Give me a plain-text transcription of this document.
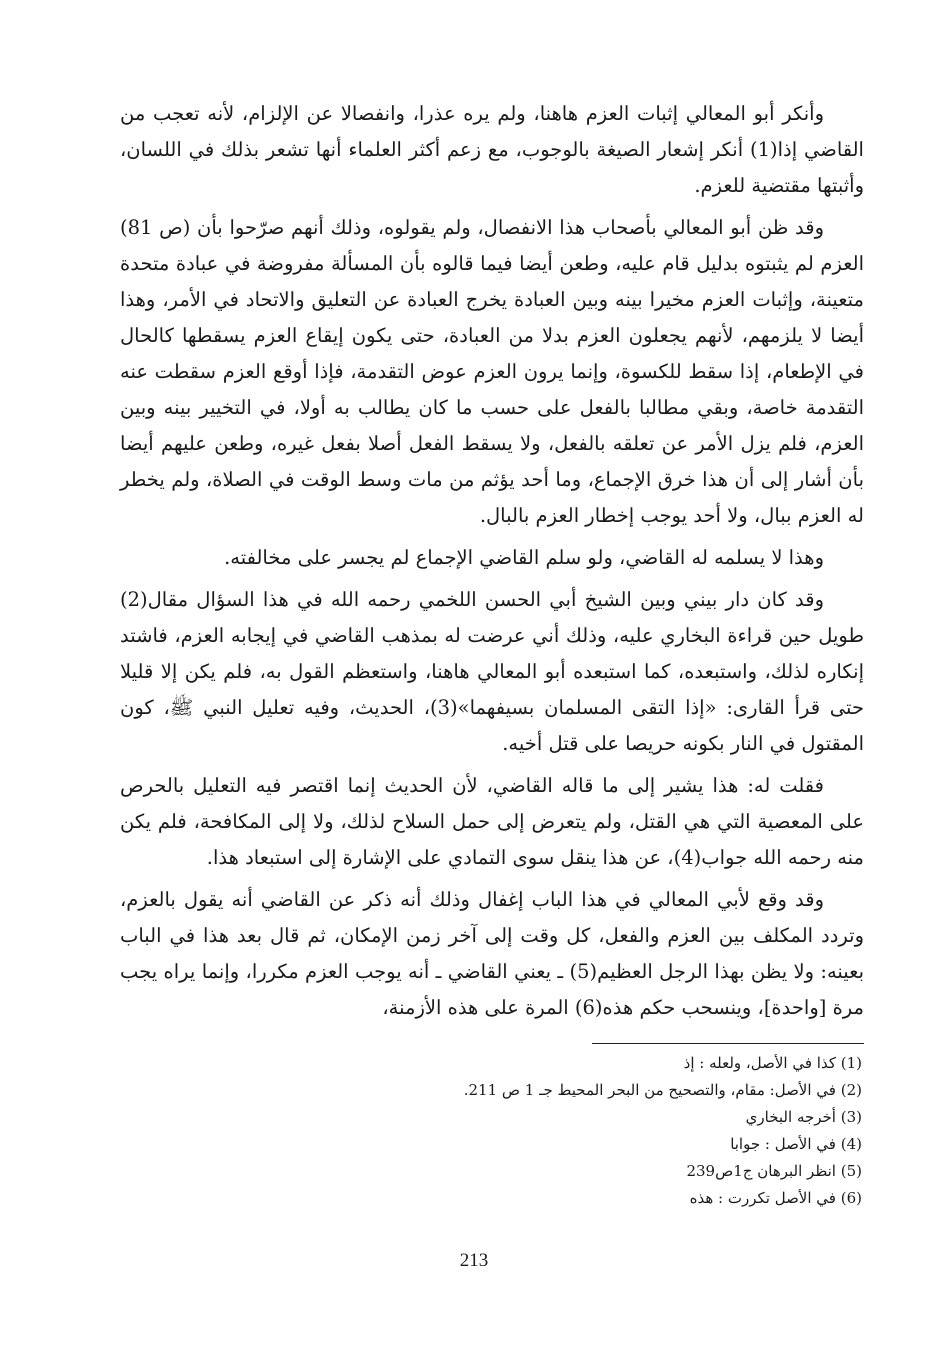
وأنكر أبو المعالي إثبات العزم هاهنا، ولم يره عذرا، وانفصالا عن الإلزام، لأنه تعجب من القاضي إذا(1) أنكر إشعار الصيغة بالوجوب، مع زعم أكثر العلماء أنها تشعر بذلك في اللسان، وأثبتها مقتضية للعزم.

وقد ظن أبو المعالي بأصحاب هذا الانفصال، ولم يقولوه، وذلك أنهم صرّحوا بأن (ص 81) العزم لم يثبتوه بدليل قام عليه، وطعن أيضا فيما قالوه بأن المسألة مفروضة في عبادة متحدة متعينة، وإثبات العزم مخيرا بينه وبين العبادة يخرج العبادة عن التعليق والاتحاد في الأمر، وهذا أيضا لا يلزمهم، لأنهم يجعلون العزم بدلا من العبادة، حتى يكون إيقاع العزم يسقطها كالحال في الإطعام، إذا سقط للكسوة، وإنما يرون العزم عوض التقدمة، فإذا أوقع العزم سقطت عنه التقدمة خاصة، وبقي مطالبا بالفعل على حسب ما كان يطالب به أولا، في التخيير بينه وبين العزم، فلم يزل الأمر عن تعلقه بالفعل، ولا يسقط الفعل أصلا بفعل غيره، وطعن عليهم أيضا بأن أشار إلى أن هذا خرق الإجماع، وما أحد يؤثم من مات وسط الوقت في الصلاة، ولم يخطر له العزم ببال، ولا أحد يوجب إخطار العزم بالبال.

وهذا لا يسلمه له القاضي، ولو سلم القاضي الإجماع لم يجسر على مخالفته.

وقد كان دار بيني وبين الشيخ أبي الحسن اللخمي رحمه الله في هذا السؤال مقال(2) طويل حين قراءة البخاري عليه، وذلك أني عرضت له بمذهب القاضي في إيجابه العزم، فاشتد إنكاره لذلك، واستبعده، كما استبعده أبو المعالي هاهنا، واستعظم القول به، فلم يكن إلا قليلا حتى قرأ القارى: «إذا التقى المسلمان بسيفهما»(3)، الحديث، وفيه تعليل النبي ﷺ، كون المقتول في النار بكونه حريصا على قتل أخيه.

فقلت له: هذا يشير إلى ما قاله القاضي، لأن الحديث إنما اقتصر فيه التعليل بالحرص على المعصية التي هي القتل، ولم يتعرض إلى حمل السلاح لذلك، ولا إلى المكافحة، فلم يكن منه رحمه الله جواب(4)، عن هذا ينقل سوى التمادي على الإشارة إلى استبعاد هذا.

وقد وقع لأبي المعالي في هذا الباب إغفال وذلك أنه ذكر عن القاضي أنه يقول بالعزم، وتردد المكلف بين العزم والفعل، كل وقت إلى آخر زمن الإمكان، ثم قال بعد هذا في الباب بعينه: ولا يظن بهذا الرجل العظيم(5) ـ يعني القاضي ـ أنه يوجب العزم مكررا، وإنما يراه يجب مرة [واحدة]، وينسحب حكم هذه(6) المرة على هذه الأزمنة،

(1) كذا في الأصل، ولعله : إذ
(2) في الأصل: مقام، والتصحيح من البحر المحيط جـ 1 ص 211.
(3) أخرجه البخاري
(4) في الأصل : جوابا
(5) انظر البرهان ج1ص239
(6) في الأصل تكررت : هذه
213
